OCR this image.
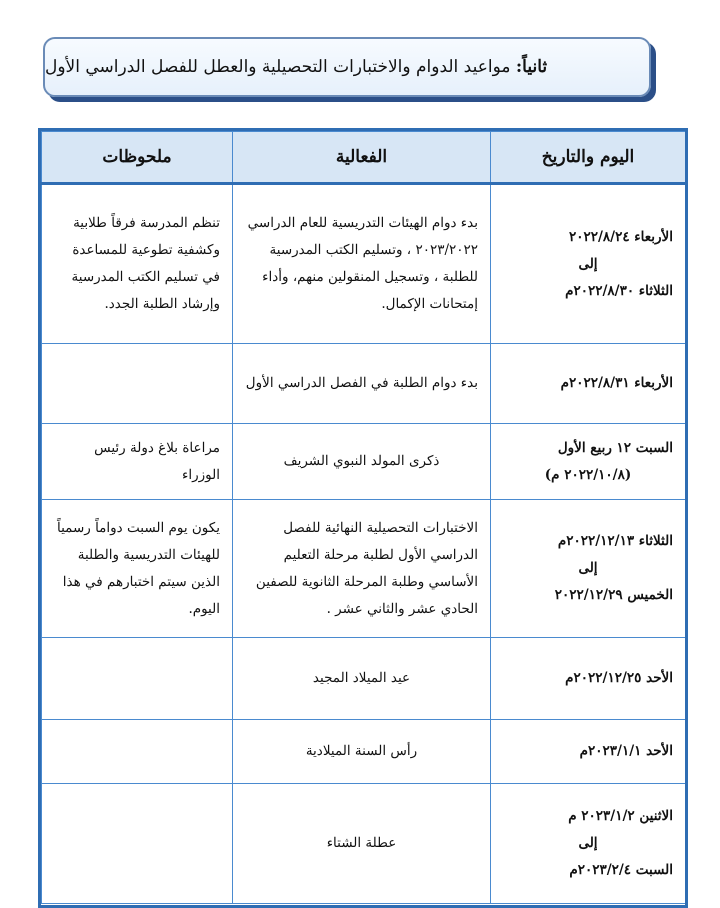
ثانياً: مواعيد الدوام والاختبارات التحصيلية والعطل للفصل الدراسي الأول
اليوم والتاريخ	الفعالية	ملحوظات

الأربعاء ٢٠٢٢/٨/٢٤
إلى
الثلاثاء ٢٠٢٢/٨/٣٠م	بدء دوام الهيئات التدريسية للعام الدراسي ٢٠٢٣/٢٠٢٢ ، وتسليم الكتب المدرسية للطلبة ، وتسجيل المنقولين منهم، وأداء إمتحانات الإكمال.	تنظم المدرسة فرقاً طلابية وكشفية تطوعية للمساعدة في تسليم الكتب المدرسية وإرشاد الطلبة الجدد.

الأربعاء ٢٠٢٢/٨/٣١م	بدء دوام الطلبة في الفصل الدراسي الأول	

السبت ١٢ ربيع الأول
(٢٠٢٢/١٠/٨ م)	ذكرى المولد النبوي الشريف	مراعاة بلاغ دولة رئيس الوزراء

الثلاثاء ٢٠٢٢/١٢/١٣م
إلى
الخميس ٢٠٢٢/١٢/٢٩	الاختبارات التحصيلية النهائية للفصل الدراسي الأول لطلبة مرحلة التعليم الأساسي وطلبة المرحلة الثانوية للصفين الحادي عشر والثاني عشر .	يكون يوم السبت دواماً رسمياً للهيئات التدريسية والطلبة الذين سيتم اختبارهم في هذا اليوم.

الأحد ٢٠٢٢/١٢/٢٥م	عيد الميلاد المجيد	

الأحد ٢٠٢٣/١/١م	رأس السنة الميلادية	

الاثنين ٢٠٢٣/١/٢ م
إلى
السبت ٢٠٢٣/٢/٤م	عطلة الشتاء	
